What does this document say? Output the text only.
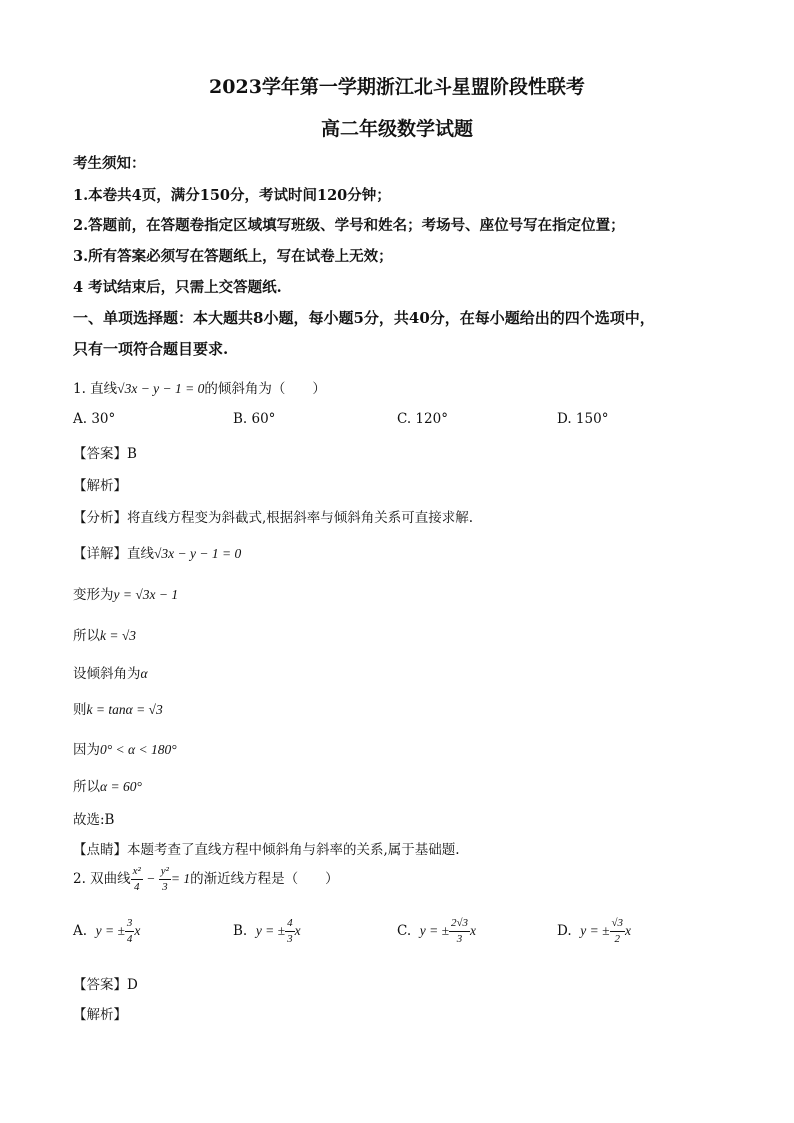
2023学年第一学期浙江北斗星盟阶段性联考
高二年级数学试题
考生须知：
1.本卷共4页，满分150分，考试时间120分钟；
2.答题前，在答题卷指定区域填写班级、学号和姓名；考场号、座位号写在指定位置；
3.所有答案必须写在答题纸上，写在试卷上无效；
4 考试结束后，只需上交答题纸.
一、单项选择题：本大题共8小题，每小题5分，共40分，在每小题给出的四个选项中，
只有一项符合题目要求.
1. 直线√3x − y − 1 = 0的倾斜角为（　　）
A. 30°	B. 60°	C. 120°	D. 150°
【答案】B
【解析】
【分析】将直线方程变为斜截式,根据斜率与倾斜角关系可直接求解.
【详解】直线√3x − y − 1 = 0
变形为y = √3x − 1
所以k = √3
设倾斜角为α
则k = tanα = √3
因为0° < α < 180°
所以α = 60°
故选:B
【点睛】本题考查了直线方程中倾斜角与斜率的关系,属于基础题.
2. 双曲线 $\frac{\text{x²}}{4} - \frac{\text{y²}}{3} = 1$的渐近线方程是（　　）
A. y = ± $\frac{3}{4}$ x	B. y = ± $\frac{4}{3}$ x	C. y = ± $\frac{2√3}{3}$ x	D. y = ± $\frac{√3}{2}$ x
【答案】D
【解析】
